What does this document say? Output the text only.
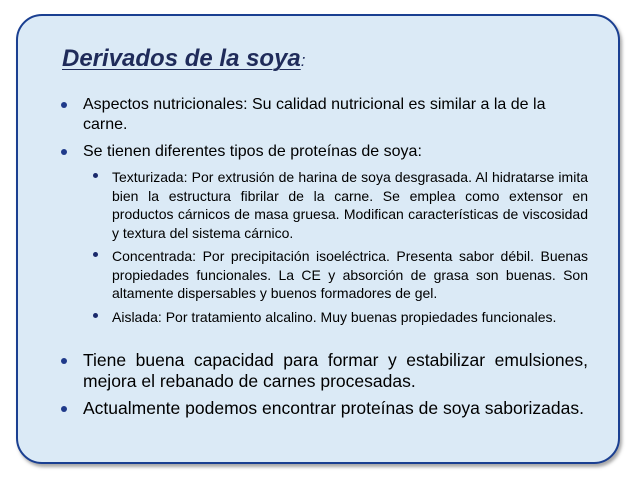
Derivados de la soya:
Aspectos nutricionales: Su calidad nutricional es similar a la de la carne.
Se tienen diferentes tipos de proteínas de soya:
Texturizada: Por extrusión de harina de soya desgrasada. Al hidratarse imita bien la estructura fibrilar de la carne. Se emplea como extensor en productos cárnicos de masa gruesa. Modifican características de viscosidad y textura del sistema cárnico.
Concentrada: Por precipitación isoeléctrica. Presenta sabor débil. Buenas propiedades funcionales. La CE y absorción de grasa son buenas. Son altamente dispersables y buenos formadores de gel.
Aislada: Por tratamiento alcalino. Muy buenas propiedades funcionales.
Tiene buena capacidad para formar y estabilizar emulsiones, mejora el rebanado de carnes procesadas.
Actualmente podemos encontrar proteínas de soya saborizadas.
